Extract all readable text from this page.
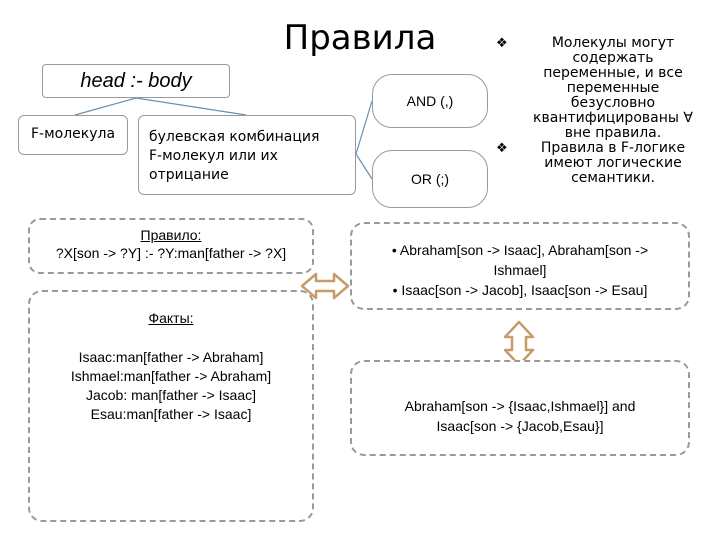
Правила
head :- body
F-молекула	булевская комбинация
F-молекул или их
отрицание
AND (,)
OR (;)
❖	Молекулы могут
содержать
переменные, и все
переменные
безусловно
квантифицированы ∀
вне правила.
❖	Правила в F-логике
имеют логические
семантики.
Правило:
?X[son -> ?Y] :- ?Y:man[father -> ?X]
Факты:
Isaac:man[father -> Abraham]
Ishmael:man[father -> Abraham]
Jacob: man[father -> Isaac]
Esau:man[father -> Isaac]
• Abraham[son -> Isaac], Abraham[son ->
Ishmael]
• Isaac[son -> Jacob], Isaac[son -> Esau]
Abraham[son -> {Isaac,Ishmael}] and
Isaac[son -> {Jacob,Esau}]
